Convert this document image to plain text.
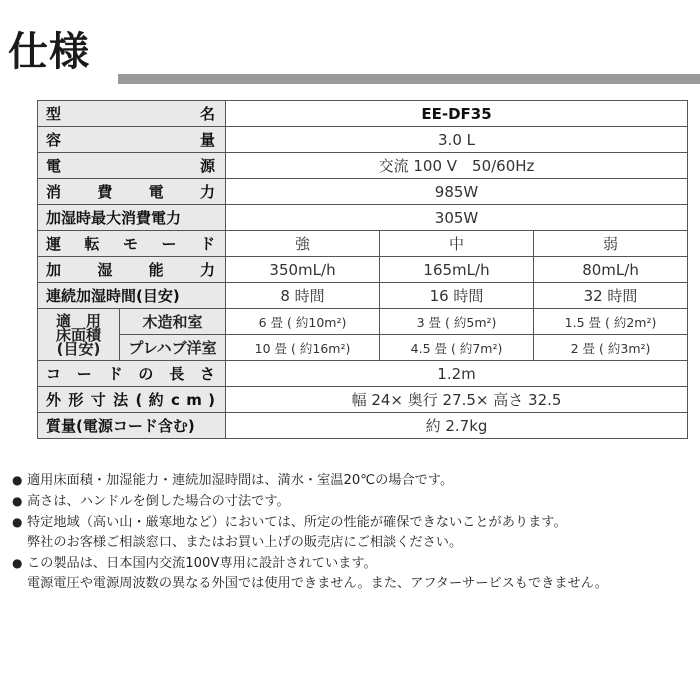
仕様
型　　　　　　　名		EE-DF35		
容　　　　　　量		3.0 L		
電　　　　　　源		交流 100 V　50/60Hz		
消　費　電　力		985W		
加湿時最大消費電力		305W		
運　転　モ　ー　ド		強	中	弱
加　湿　能　力		350mL/h	165mL/h	80mL/h
連続加湿時間(目安)		8 時間	16 時間	32 時間

適　用
床面積
(目安)	木造和室	6 畳 ( 約10m²)	3 畳 ( 約5m²)	1.5 畳 ( 約2m²)
	プレハブ洋室	10 畳 ( 約16m²)	4.5 畳 ( 約7m²)	2 畳 ( 約3m²)
コ　ー　ド　の　長　さ		1.2m		
外 形 寸 法 ( 約 c m )		幅 24× 奥行 27.5× 高さ 32.5		
質量(電源コード含む)		約 2.7kg		
● 適用床面積・加湿能力・連続加湿時間は、満水・室温20℃の場合です。
● 高さは、ハンドルを倒した場合の寸法です。
● 特定地域（高い山・厳寒地など）においては、所定の性能が確保できないことがあります。
弊社のお客様ご相談窓口、またはお買い上げの販売店にご相談ください。
● この製品は、日本国内交流100V専用に設計されています。
電源電圧や電源周波数の異なる外国では使用できません。また、アフターサービスもできません。
